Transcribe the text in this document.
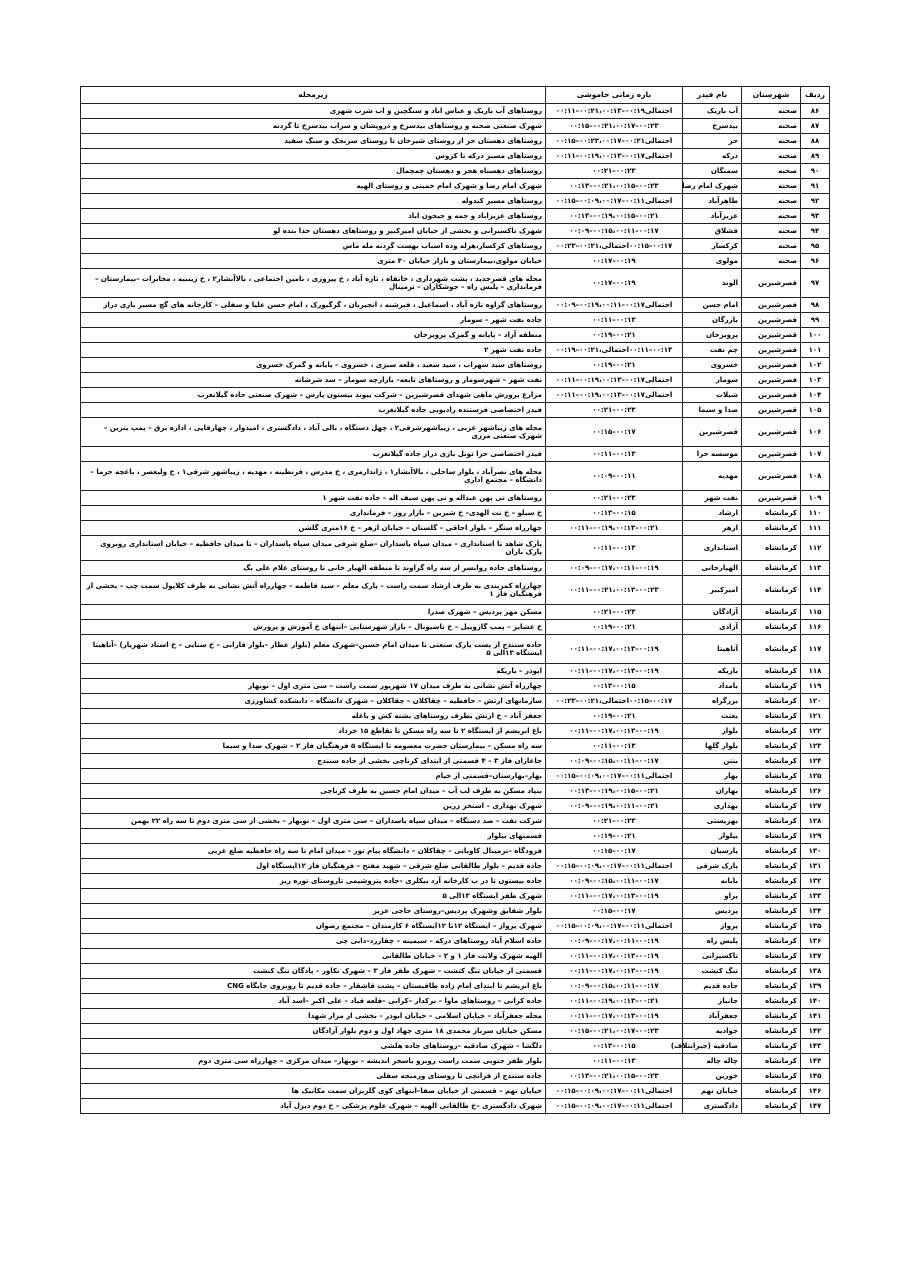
ردیف	شهرستان	نام فیدر	بازه زمانی خاموشی	زیرمحله
۸۶	صحنه	آب باریک	احتمالی۰۰:۱۹–۰۰:۲۱،۰۰:۱۳–۰۰:۱۱	روستاهای آب باریک و عباس اباد و سنگچین و اب شرب شهری
۸۷	صحنه	بیدسرخ	۰۰:۲۳–۰۰:۲۱،۰۰:۱۷–۰۰:۱۵	شهرک صنعتی صحنه و روستاهای بیدسرخ و درویشان و سراب بیدسرخ تا گردنه
۸۸	صحنه	حر	احتمالی۰۰:۲۱–۰۰:۲۳،۰۰:۱۷–۰۰:۱۵	روستاهای دهستان حر از روستای شیرخان تا روستای سرنجک و سنگ سفید
۸۹	صحنه	درکه	احتمالی۰۰:۱۷–۰۰:۱۹،۰۰:۱۳–۰۰:۱۱	روستاهای مسیر درکه تا کروس
۹۰	صحنه	سمنگان	۰۰:۲۳–۰۰:۲۱	روستاهای دهستاه هجر و دهستان چمچمال
۹۱	صحنه	شهرک امام رضا	۰۰:۲۳–۰۰:۲۱،۰۰:۱۵–۰۰:۱۳	شهرک امام رضا و شهرک امام خمینی و روستای الهیه
۹۲	صحنه	طاهرآباد	احتمالی۰۰:۱۱–۰۰:۰۹،۰۰:۱۷–۰۰:۱۵	روستاهای مسیر کندوله
۹۳	صحنه	عزیزآباد	۰۰:۲۱–۰۰:۱۹،۰۰:۱۵–۰۰:۱۳	روستاهای عزیزاباد و جمه و جیحون اباد
۹۴	صحنه	قشلاق	۰۰:۱۷–۰۰:۱۵،۰۰:۱۱–۰۰:۰۹	شهرک تاکسیرانی و بخشی از خیابان امیرکبیر و روستاهای دهستان خدا بنده لو
۹۵	صحنه	کرکسار	۰۰:۱۷–۰۰:۱۵احتمالی،۰۰:۲۱–۰۰:۲۳	روستاهای کرکسار،هرله وده اسباب بهست گردنه مله ماس
۹۶	صحنه	مولوی	۰۰:۱۹–۰۰:۱۷	خیابان مولوی،بیمارستان و بازار خیابان ۴۰ متری
۹۷	قصرشیرین	الوند	۰۰:۱۹–۰۰:۱۷	محله های قصرجدید ، پشت شهرداری ، خانقاه ، تازه آباد ، خ پیروزی ، تامین اجتماعی ، بالاآبشار۲ ، خ زینبیه ، مخابرات –بیمارستان – فرمانداری – پلیس راه – جوشکاران – ترمینال
۹۸	قصرشیرین	امام حسن	احتمالی۰۰:۱۷–۰۰:۱۹،۰۰:۱۱–۰۰:۰۹	روستاهای گراوه تازه آباد ، اسماعیل ، قبرشنه ، انجیریان ، گرگیورک ، امام حسن علیا و سفلی – کارخانه های گچ مسیر بازی دراز
۹۹	قصرشیرین	بازرگان	۰۰:۱۳–۰۰:۱۱	جاده نفت شهر – سومار
۱۰۰	قصرشیرین	پرویزخان	۰۰:۲۱–۰۰:۱۹	منطقه آزاد – پایانه و گمرک پرویزخان
۱۰۱	قصرشیرین	چم نفت	۰۰:۱۳–۰۰:۱۱احتمالی،۰۰:۲۱–۰۰:۱۹	جاده نفت شهر ۲
۱۰۲	قصرشیرین	خسروی	۰۰:۲۱–۰۰:۱۹	روستاهای سید سهراب ، سید سعید ، قلعه سبزی ، خسروی – پایانه و گمرک خسروی
۱۰۳	قصرشیرین	سومار	احتمالی۰۰:۱۷–۰۰:۱۹،۰۰:۱۳–۰۰:۱۱	نفت شهر – شهرسومار و روستاهای تابعه– بازارچه سومار – سد شرشاته
۱۰۴	قصرشیرین	شیلات	احتمالی۰۰:۱۷–۰۰:۱۹،۰۰:۱۳–۰۰:۱۱	مزارع پرورش ماهی شهدای قصرشیرین – شرکت پیوند بیستون پارس – شهرک صنعتی جاده گیلانغرب
۱۰۵	قصرشیرین	صدا و سیما	۰۰:۲۳–۰۰:۲۱	فیدر اختصاصی فرستنده رادیویی جاده گیلانغرب
۱۰۶	قصرشیرین	قصرشیرین	۰۰:۱۷–۰۰:۱۵	محله های زیباشهر غربی ، زیباشهرشرقی۲ ، چهل دستگاه ، بالی آباد ، دادگستری ، امیدوار ، چهارقاپی ، اداره برق – پمپ بنزین – شهرک صنعتی مرزی
۱۰۷	قصرشیرین	موسسه حرا	۰۰:۱۳–۰۰:۱۱	فیدر اختصاصی حرا تونل بازی دراز جاده گیلانغرب
۱۰۸	قصرشیرین	مهدیه	۰۰:۱۱–۰۰:۰۹	محله های نصرآباد ، بلوار ساحلی ، بالاآبشار۱ ، ژاندارمری ، خ مدرس ، قرنطینه ، مهدیه ، زیباشهر شرقی۱ ، خ ولیعصر ، باغچه خرما – دانشگاه – مجتمع اداری
۱۰۹	قصرشیرین	نفت شهر	۰۰:۲۳–۰۰:۲۱	روستاهای نی پهن عبداله و نی پهن سیف اله – جاده نفت شهر ۱
۱۱۰	کرمانشاه	ارشاد	۰۰:۱۵–۰۰:۱۳	خ سیلو – خ نت الهدی– خ شیرین – بازار روز – فرمانداری
۱۱۱	کرمانشاه	ازهر	۰۰:۲۱–۰۰:۱۹،۰۰:۱۳–۰۰:۱۱	چهارراه ستگر – بلوار اجاقی – گلستان – خیابان ازهر – خ ۱۶متری گلشن
۱۱۲	کرمانشاه	استانداری	۰۰:۱۳–۰۰:۱۱	پارک شاهد تا استانداری – میدان سپاه پاسداران –ضلع شرقی میدان سپاه پاسداران – تا میدان حافظیه – خیابان استانداری روبروی پارک باران
۱۱۳	کرمانشاه	الهیارخانی	۰۰:۱۹–۰۰:۱۷،۰۰:۱۱–۰۰:۰۹	روستاهای جاده روانسر از سه راه گراوند تا منطقه الهیار خانی تا روستای غلام علی بگ
۱۱۴	کرمانشاه	امیرکبیر	۰۰:۲۳–۰۰:۲۱،۰۰:۱۳–۰۰:۱۱	چهارراه کمربندی به طرف ارشاد سمت راست – پارک معلم – سید فاطمه – چهارراه آتش نشانی به طرف کلاپول سمت چپ – بخشی از فرهنگیان فاز ۱
۱۱۵	کرمانشاه	آزادگان	۰۰:۲۳–۰۰:۲۱	مسکن مهر پردیس – شهرک صدرا
۱۱۶	کرمانشاه	آزادی	۰۰:۲۱–۰۰:۱۹	خ عشایر – پمپ گازوییل – خ تاسیونال – بازار شهرستانی –انتهای خ آموزش و پرورش
۱۱۷	کرمانشاه	آتاهیتا	۰۰:۱۹–۰۰:۱۷،۰۰:۱۳–۰۰:۱۱	جاده سنندج از پست پارک صنعتی تا میدان امام حسین–شهرک معلم (بلوار عطار –بلوار قارابی – خ سنایی – خ استاد شهریار) –آناهیتا ایستگاه ۱۳الی ۵
۱۱۸	کرمانشاه	باریکه	۰۰:۱۹–۰۰:۱۷،۰۰:۱۳–۰۰:۱۱	ابوذر – باریکه
۱۱۹	کرمانشاه	بامداد	۰۰:۱۵–۰۰:۱۳	چهارراه آتش نشانی به طرف میدان ۱۷ شهریور سمت راست – سی متری اول – نوبهار
۱۲۰	کرمانشاه	بزرگراه	۰۰:۱۷–۰۰:۱۵احتمالی،۰۰:۲۱–۰۰:۲۳	سازمانهای ارتش – حافظیه – چقاکلان – چقاکلان – شهرک دانشگاه – دانشکده کشاورزی
۱۲۱	کرمانشاه	بعثت	۰۰:۲۱–۰۰:۱۹	جعفر آباد – خ ارتش بطرف روستاهای بشته کش و باغله
۱۲۲	کرمانشاه	بلوار	۰۰:۱۹–۰۰:۱۷،۰۰:۱۳–۰۰:۱۱	باغ ابریشم از ایستگاه ۲ تا سه راه مسکن تا تقاطع ۱۵ خرداد
۱۲۳	کرمانشاه	بلوار گلها	۰۰:۱۳–۰۰:۱۱	سه راه مسکن – بیمارستان حضرت معصومه تا ایستگاه ۵ فرهنگیان فاز ۲ – شهرک صدا و سیما
۱۲۴	کرمانشاه	بنتن	۰۰:۱۷–۰۰:۱۵،۰۰:۱۱–۰۰:۰۹	جاغازان فاز ۳ – ۴ قسمتی از ابتدای کرناچی بخشی از جاده سنندج
۱۲۵	کرمانشاه	بهار	احتمالی۰۰:۱۱–۰۰:۰۹،۰۰:۱۷–۰۰:۱۵	بهار–بهارستان–قسمتی از خیام
۱۲۶	کرمانشاه	بهاران	۰۰:۲۱–۰۰:۱۹،۰۰:۱۵–۰۰:۱۳	بنیاد مسکن به طرف لب آب – میدان امام حسین به طرف کرناچی
۱۲۷	کرمانشاه	بهداری	۰۰:۲۱–۰۰:۱۹،۰۰:۱۱–۰۰:۰۹	شهرک بهداری – استخر زرین
۱۲۸	کرمانشاه	بهزیستی	۰۰:۲۳–۰۰:۲۱	شرکت نفت – صد دستگاه – میدان سپاه پاسداران – سی متری اول – نوبهار – بخشی از سی متری دوم تا سه راه ۲۲ بهمن
۱۲۹	کرمانشاه	بیلوار	۰۰:۲۱–۰۰:۱۹	قسمتهای بیلوار
۱۳۰	کرمانشاه	پارسیان	۰۰:۱۷–۰۰:۱۵	فرودگاه –ترمینال کاویانی – چقاکلان – دانشگاه پیام نور – میدان امام تا سه راه حافظیه ضلع غربی
۱۳۱	کرمانشاه	پارک شرقی	احتمالی۰۰:۱۱–۰۰:۰۹،۰۰:۱۷–۰۰:۱۵	جاده قدیم – بلوار طالقانی ضلع شرقی – شهید مفتح – فرهنگیان فاز ۱۲ایستگاه اول
۱۳۲	کرمانشاه	بابانه	۰۰:۱۷–۰۰:۱۵،۰۰:۱۱–۰۰:۰۹	جاده بیستون تا در ب کارخانه آرد بیکلری –جاده پتروشیمی تاروستای توره ریز
۱۳۳	کرمانشاه	پراو	۰۰:۱۹–۰۰:۱۷،۰۰:۱۳–۰۰:۱۱	شهرک ظفر ایستگاه ۱۳الی ۵
۱۳۴	کرمانشاه	پردیس	۰۰:۱۷–۰۰:۱۵	بلوار شقایق وشهرک پردیس–روستای حاجی عزیز
۱۳۵	کرمانشاه	پرواز	احتمالی۰۰:۱۱–۰۰:۰۹،۰۰:۱۷–۰۰:۱۵	شهرک پرواز – ایستگاه ۱۲تا ۱۲ایستگاه ۶ کارمندان – مجتمع رضوان
۱۳۶	کرمانشاه	پلیس راه	۰۰:۱۹–۰۰:۱۷،۰۰:۱۱–۰۰:۰۹	جاده اسلام آباد روستاهای درکه – سیمینه – چقازرد–دابی چی
۱۳۷	کرمانشاه	تاکسیرانی	۰۰:۱۹–۰۰:۱۷،۰۰:۱۳–۰۰:۱۱	الهیه شهرک ولایت فاز ۱ و ۲ – خیابان طالقانی
۱۳۸	کرمانشاه	تنگ کنشت	۰۰:۱۹–۰۰:۱۷،۰۰:۱۳–۰۰:۱۱	قسمتی از خیابان تنگ کنشت – شهرک ظفر فاز ۳ – شهرک نکاور – پادگان تنگ کنشت
۱۳۹	کرمانشاه	جاده قدیم	۰۰:۱۷–۰۰:۱۵،۰۰:۱۱–۰۰:۰۹	باغ ابریشم تا ابتدای امام زاده طاقبستان – پشت قاشقار – جاده قدیم تا روبروی جایگاه CNG
۱۴۰	کرمانشاه	جانباز	۰۰:۲۱–۰۰:۱۹،۰۰:۱۳–۰۰:۱۱	جاده کرانی – روستاهای ماوا – برکدار –کرانی –قلعه قباد – علی اکبر –اسد آباد
۱۴۱	کرمانشاه	جعفرآباد	۰۰:۱۹–۰۰:۱۷،۰۰:۱۳–۰۰:۱۱	محله جعفرآباد – خیابان اسلامی – خیابان ابوذر – بخشی از مزار شهدا
۱۴۲	کرمانشاه	جوادیه	۰۰:۲۳–۰۰:۲۱،۰۰:۱۷–۰۰:۱۵	مسکن خیابان سرباز محمدی ۱۸ متری جهاد اول و دوم بلوار آزادگان
۱۴۳	کرمانشاه	صادقیه (جبرانتلاف)	۰۰:۱۵–۰۰:۱۳	دلگشا – شهرک صادقیه –روستاهای جاده هلشی
۱۴۴	کرمانشاه	چاله چاله	۰۰:۱۳–۰۰:۱۱	بلوار ظفر جنوبی سمت راست روبرو باسخر اندیشه – نوبهار– میدان مرکزی – چهارراه سی متری دوم
۱۴۵	کرمانشاه	خورین	۰۰:۲۳–۰۰:۲۱،۰۰:۱۵–۰۰:۱۳	جاده سنندج از قزانچی تا روستای ورمنجه سفلی
۱۴۶	کرمانشاه	خیابان نهم	احتمالی۰۰:۱۱–۰۰:۰۹،۰۰:۱۷–۰۰:۱۵	خیابان نهم – قسمتی از خیابان صفا–انتهای کوی گلریزان سمت مکانیک ها
۱۴۷	کرمانشاه	دادگستری	احتمالی۰۰:۱۱–۰۰:۰۹،۰۰:۱۷–۰۰:۱۵	شهرک دادگستری –خ طالقانی الهیه – شهرک علوم پزشکی – خ دوم دیزل آباد
